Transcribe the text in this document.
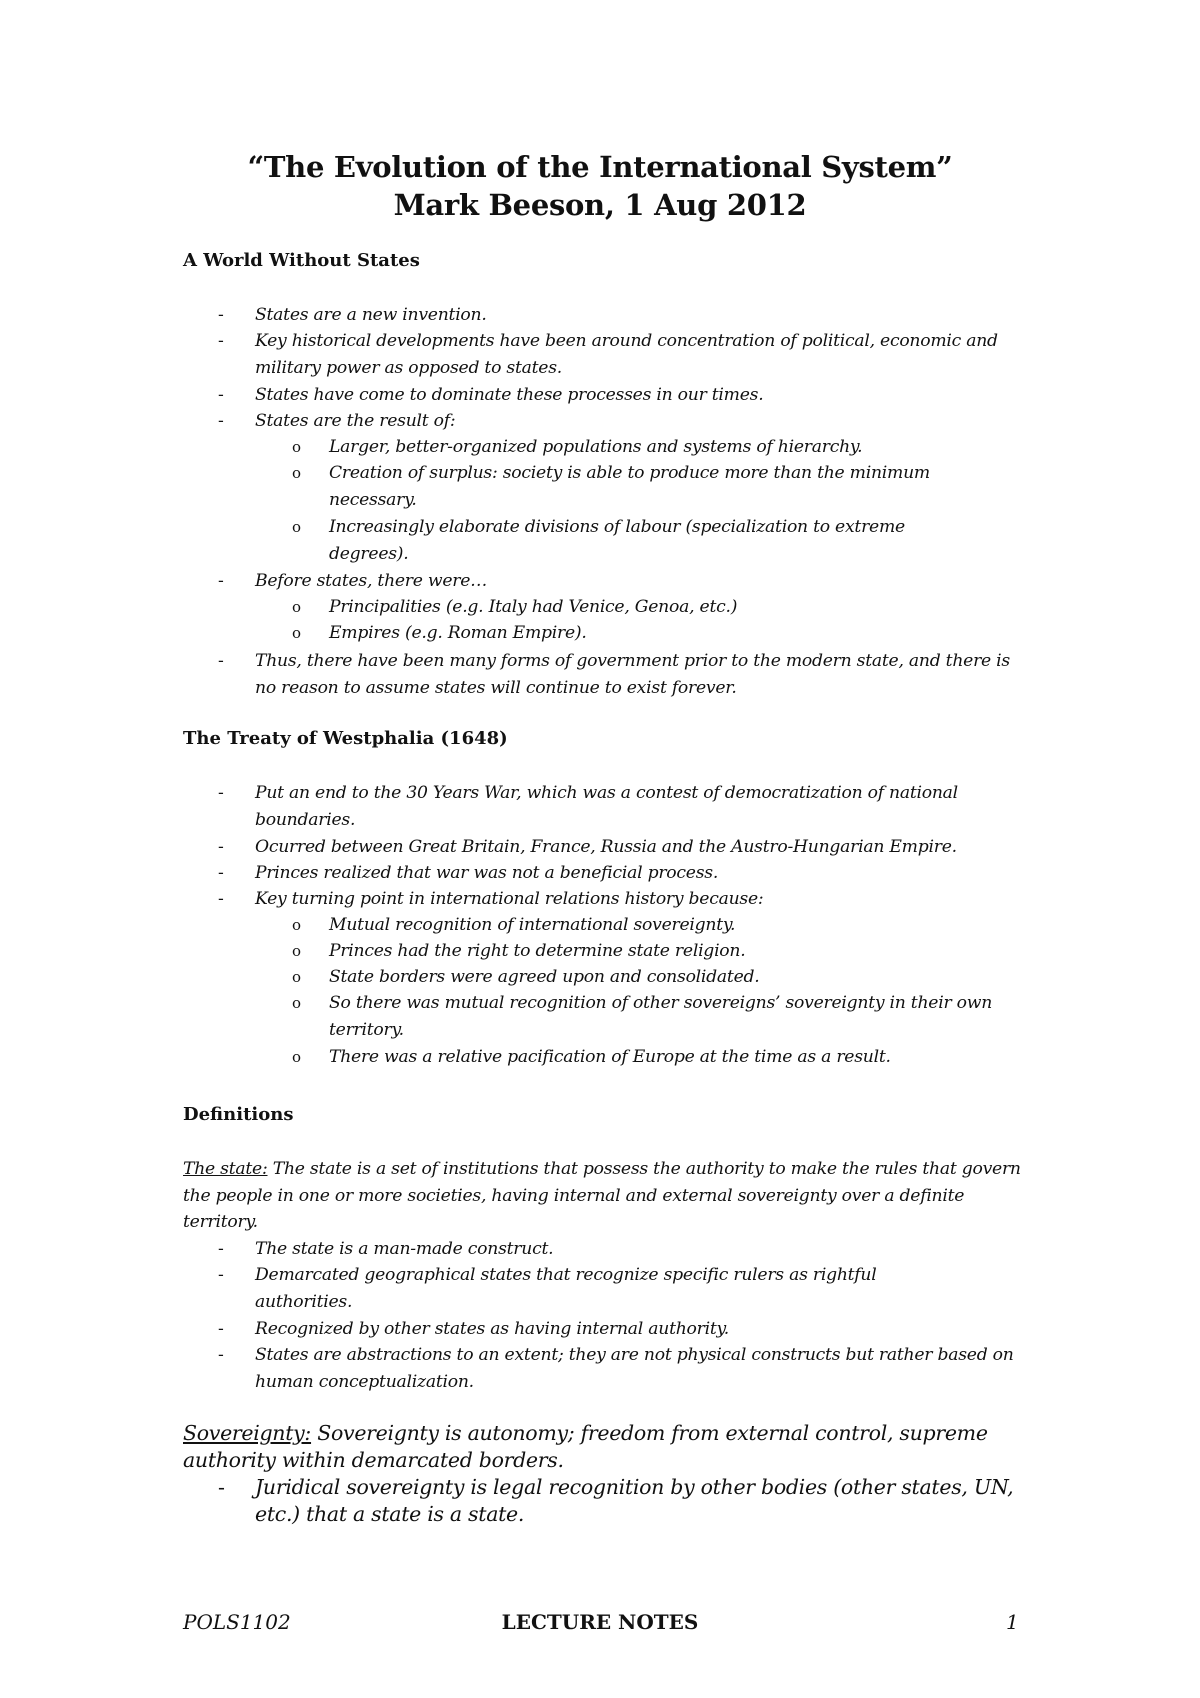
“The Evolution of the International System”
Mark Beeson, 1 Aug 2012
A World Without States
- States are a new invention.
- Key historical developments have been around concentration of political, economic and military power as opposed to states.
- States have come to dominate these processes in our times.
- States are the result of:
o Larger, better-organized populations and systems of hierarchy.
o Creation of surplus: society is able to produce more than the minimum necessary.
o Increasingly elaborate divisions of labour (specialization to extreme degrees).
- Before states, there were…
o Principalities (e.g. Italy had Venice, Genoa, etc.)
o Empires (e.g. Roman Empire).
- Thus, there have been many forms of government prior to the modern state, and there is no reason to assume states will continue to exist forever.
The Treaty of Westphalia (1648)
- Put an end to the 30 Years War, which was a contest of democratization of national boundaries.
- Ocurred between Great Britain, France, Russia and the Austro-Hungarian Empire.
- Princes realized that war was not a beneficial process.
- Key turning point in international relations history because:
o Mutual recognition of international sovereignty.
o Princes had the right to determine state religion.
o State borders were agreed upon and consolidated.
o So there was mutual recognition of other sovereigns’ sovereignty in their own territory.
o There was a relative pacification of Europe at the time as a result.
Definitions
The state: The state is a set of institutions that possess the authority to make the rules that govern the people in one or more societies, having internal and external sovereignty over a definite territory.
- The state is a man-made construct.
- Demarcated geographical states that recognize specific rulers as rightful authorities.
- Recognized by other states as having internal authority.
- States are abstractions to an extent; they are not physical constructs but rather based on human conceptualization.
Sovereignty: Sovereignty is autonomy; freedom from external control, supreme authority within demarcated borders.
- Juridical sovereignty is legal recognition by other bodies (other states, UN, etc.) that a state is a state.
POLS1102	LECTURE NOTES	1
